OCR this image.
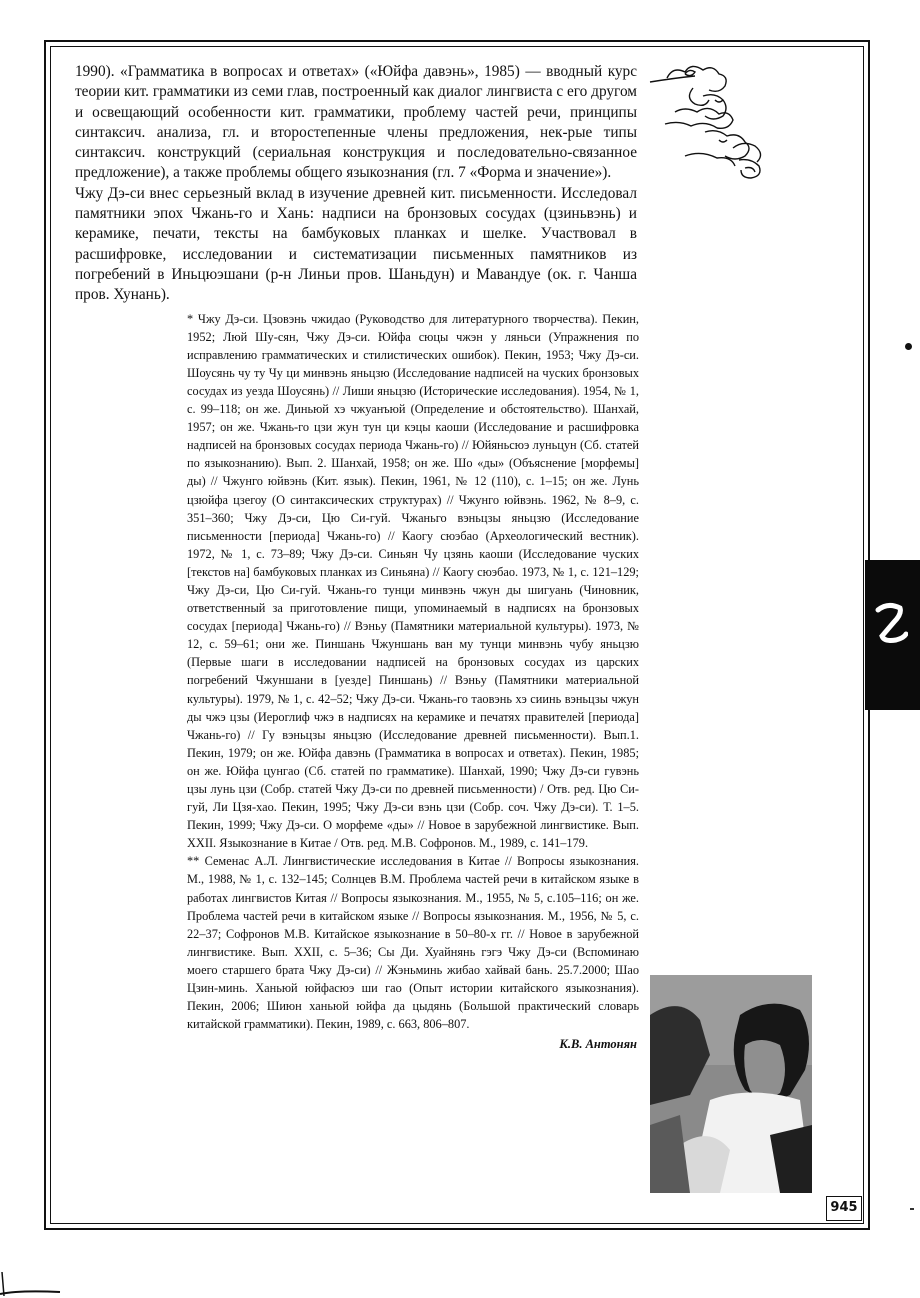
1990). «Грамматика в вопросах и ответах» («Юйфа давэнь», 1985) — вводный курс теории кит. грамматики из семи глав, построенный как диалог лингвиста с его другом и освещающий особенности кит. грамматики, проблему частей речи, принципы синтаксич. анализа, гл. и второстепенные члены предложения, нек-рые типы синтаксич. конструкций (сериальная конструкция и последовательно-связанное предложение), а также проблемы общего языкознания (гл. 7 «Форма и значение»).

Чжу Дэ-си внес серьезный вклад в изучение древней кит. письменности. Исследовал памятники эпох Чжань-го и Хань: надписи на бронзовых сосудах (цзиньвэнь) и керамике, печати, тексты на бамбуковых планках и шелке. Участвовал в расшифровке, исследовании и систематизации письменных памятников из погребений в Иньцюэшани (р-н Линьи пров. Шаньдун) и Мавандуе (ок. г. Чанша пров. Хунань).

* Чжу Дэ-си. Цзовэнь чжидао (Руководство для литературного творчества). Пекин, 1952; Люй Шу-сян, Чжу Дэ-си. Юйфа сюцы чжэн у ляньси (Упражнения по исправлению грамматических и стилистических ошибок). Пекин, 1953; Чжу Дэ-си. Шоусянь чу ту Чу ци минвэнь яньцзю (Исследование надписей на чуских бронзовых сосудах из уезда Шоусянь) // Лиши яньцзю (Исторические исследования). 1954, № 1, с. 99–118; он же. Диньюй хэ чжуанъюй (Определение и обстоятельство). Шанхай, 1957; он же. Чжань-го цзи жун тун ци кэцы каоши (Исследование и расшифровка надписей на бронзовых сосудах периода Чжань-го) // Юйяньсюэ луньцун (Сб. статей по языкознанию). Вып. 2. Шанхай, 1958; он же. Шо «ды» (Объяснение [морфемы] ды) // Чжунго юйвэнь (Кит. язык). Пекин, 1961, № 12 (110), с. 1–15; он же. Лунь цзюйфа цзегоу (О синтаксических структурах) // Чжунго юйвэнь. 1962, № 8–9, с. 351–360; Чжу Дэ-си, Цю Си-гуй. Чжаньго вэньцзы яньцзю (Исследование письменности [периода] Чжань-го) // Каогу сюэбао (Археологический вестник). 1972, № 1, с. 73–89; Чжу Дэ-си. Синьян Чу цзянь каоши (Исследование чуских [текстов на] бамбуковых планках из Синьяна) // Каогу сюэбао. 1973, № 1, с. 121–129; Чжу Дэ-си, Цю Си-гуй. Чжань-го тунци минвэнь чжун ды шигуань (Чиновник, ответственный за приготовление пищи, упоминаемый в надписях на бронзовых сосудах [периода] Чжань-го) // Вэньу (Памятники материальной культуры). 1973, № 12, с. 59–61; они же. Пиншань Чжуншань ван му тунци минвэнь чубу яньцзю (Первые шаги в исследовании надписей на бронзовых сосудах из царских погребений Чжуншани в [уезде] Пиншань) // Вэньу (Памятники материальной культуры). 1979, № 1, с. 42–52; Чжу Дэ-си. Чжань-го таовэнь хэ сиинь вэньцзы чжун ды чжэ цзы (Иероглиф чжэ в надписях на керамике и печатях правителей [периода] Чжань-го) // Гу вэньцзы яньцзю (Исследование древней письменности). Вып.1. Пекин, 1979; он же. Юйфа давэнь (Грамматика в вопросах и ответах). Пекин, 1985; он же. Юйфа цунгао (Сб. статей по грамматике). Шанхай, 1990; Чжу Дэ-си гувэнь цзы лунь цзи (Собр. статей Чжу Дэ-си по древней письменности) / Отв. ред. Цю Си-гуй, Ли Цзя-хао. Пекин, 1995; Чжу Дэ-си вэнь цзи (Собр. соч. Чжу Дэ-си). Т. 1–5. Пекин, 1999; Чжу Дэ-си. О морфеме «ды» // Новое в зарубежной лингвистике. Вып. XXII. Языкознание в Китае / Отв. ред. М.В. Софронов. М., 1989, с. 141–179.

** Семенас А.Л. Лингвистические исследования в Китае // Вопросы языкознания. М., 1988, № 1, с. 132–145; Солнцев В.М. Проблема частей речи в китайском языке в работах лингвистов Китая // Вопросы языкознания. М., 1955, № 5, с.105–116; он же. Проблема частей речи в китайском языке // Вопросы языкознания. М., 1956, № 5, с. 22–37; Софронов М.В. Китайское языкознание в 50–80-х гг. // Новое в зарубежной лингвистике. Вып. XXII, с. 5–36; Сы Ди. Хуайнянь гэгэ Чжу Дэ-си (Вспоминаю моего старшего брата Чжу Дэ-си) // Жэньминь жибао хайвай бань. 25.7.2000; Шао Цзин-минь. Ханьюй юйфасюэ ши гао (Опыт истории китайского языкознания). Пекин, 2006; Шиюн ханьюй юйфа да цыдянь (Большой практический словарь китайской грамматики). Пекин, 1989, с. 663, 806–807.

К.В. Антонян
945
